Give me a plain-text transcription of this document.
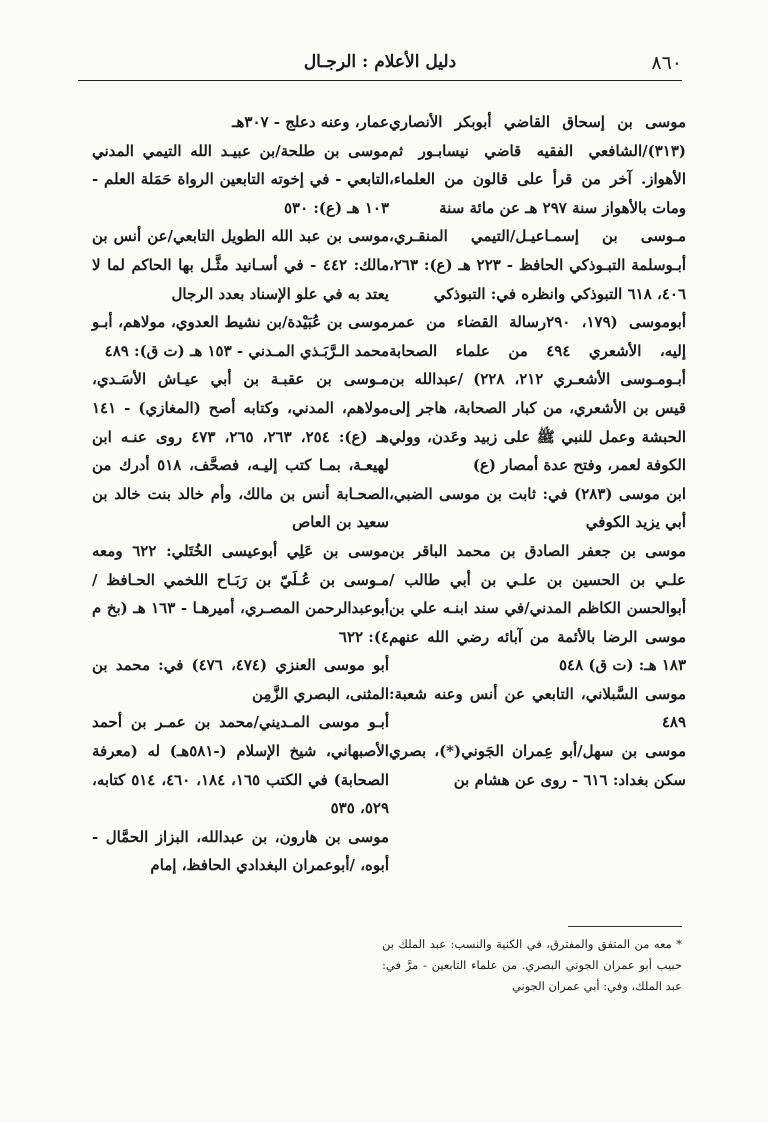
٨٦٠
دليل الأعلام : الرجـال

موسى بن إسحاق القاضي أبوبكر الأنصاري (٣١٣)/الشافعي الفقيه قاضي نيسابـور ثم الأهواز. آخر من قرأ على قالون من العلماء، ومات بالأهواز سنة ٢٩٧ هـ عن مائة سنة

مـوسى بن إسمـاعيـل/التيمي المنقـري، أبـوسلمة التبـوذكي الحافظ - ٢٢٣ هـ (ع): ٢٦٣، ٤٠٦، ٦١٨ التبوذكي وانظره في: التبوذكي

أبوموسى (١٧٩، ٢٩٠رسالة القضاء من عمر إليه، الأشعري ٤٩٤ من علماء الصحابة أبـومـوسى الأشعـري ٢١٢، ٢٢٨) /عبدالله بن قيس بن الأشعري، من كبار الصحابة، هاجر إلى الحبشة وعمل للنبي ﷺ على زبيد وعَدن، وولي الكوفة لعمر، وفتح عدة أمصار (ع)

ابن موسى (٢٨٣) في: ثابت بن موسى الضبي، أبي يزيد الكوفي

موسى بن جعفر الصادق بن محمد الباقر بن علـي بن الحسين بن علـي بن أبي طالب /أبوالحسن الكاظم المدني/في سند ابنـه علي بن موسى الرضا بالأئمة من آبائه رضي الله عنهم ١٨٣ هـ: (ت ق) ٥٤٨

موسى السَّبلاني، التابعي عن أنس وعنه شعبة: ٤٨٩

موسى بن سهل/أبو عِمران الجَوني(*)، بصري سكن بغداد: ٦١٦ - روى عن هشام بن

عمار، وعنه دعلج - ٣٠٧هـ

موسى بن طلحة/بن عبيـد الله التيمي المدني التابعي - في إخوته التابعين الرواة حَمَلة العلم - ١٠٣ هـ (ع): ٥٣٠

موسى بن عبد الله الطويل التابعي/عن أنس بن مالك: ٤٤٢ - في أسـانيد مثَّـل بها الحاكم لما لا يعتد به في علو الإسناد بعدد الرجال

موسى بن عُبَيْدة/بن نشيط العدوي، مولاهم، أبـو محمد الـرَّبَـذي المـدني - ١٥٣ هـ (ت ق): ٤٨٩

مـوسى بن عقبـة بن أبي عيـاش الأسَـدي، مولاهم، المدني، وكتابه أصح (المغازي) - ١٤١ هـ (ع): ٢٥٤، ٢٦٣، ٢٦٥، ٤٧٣ روى عنـه ابن لهيعـة، بمـا كتب إليـه، فصحَّف، ٥١٨ أدرك من الصحـابة أنس بن مالك، وأم خالد بنت خالد بن سعيد بن العاص

موسى بن عَلِي أبوعيسى الخُتَلي: ٦٢٢ ومعه مـوسى بن عُـلَيّ بن رَبَـاح اللخمي الحـافظ /أبوعبدالرحمن المصـري، أميرهـا - ١٦٣ هـ (بخ م ٤): ٦٢٢

أبو موسى العنزي (٤٧٤، ٤٧٦) في: محمد بن المثنى، البصري الزَّمِن

أبـو موسى المـديني/محمد بن عمـر بن أحمد الأصبهاني، شيخ الإسلام (-٥٨١هـ) له (معرفة الصحابة) في الكتب ١٦٥، ١٨٤، ٤٦٠، ٥١٤ كتابه، ٥٢٩، ٥٣٥

موسى بن هارون، بن عبدالله، البزاز الحمَّال - أبوه، /أبوعمران البغدادي الحافظ، إمام

* معه من المتفق والمفترق، في الكنية والنسب: عبد الملك بن حبيب أبو عمران الجوني البصري. من علماء التابعين - مرَّ في: عبد الملك، وفي: أبي عمران الجوني
